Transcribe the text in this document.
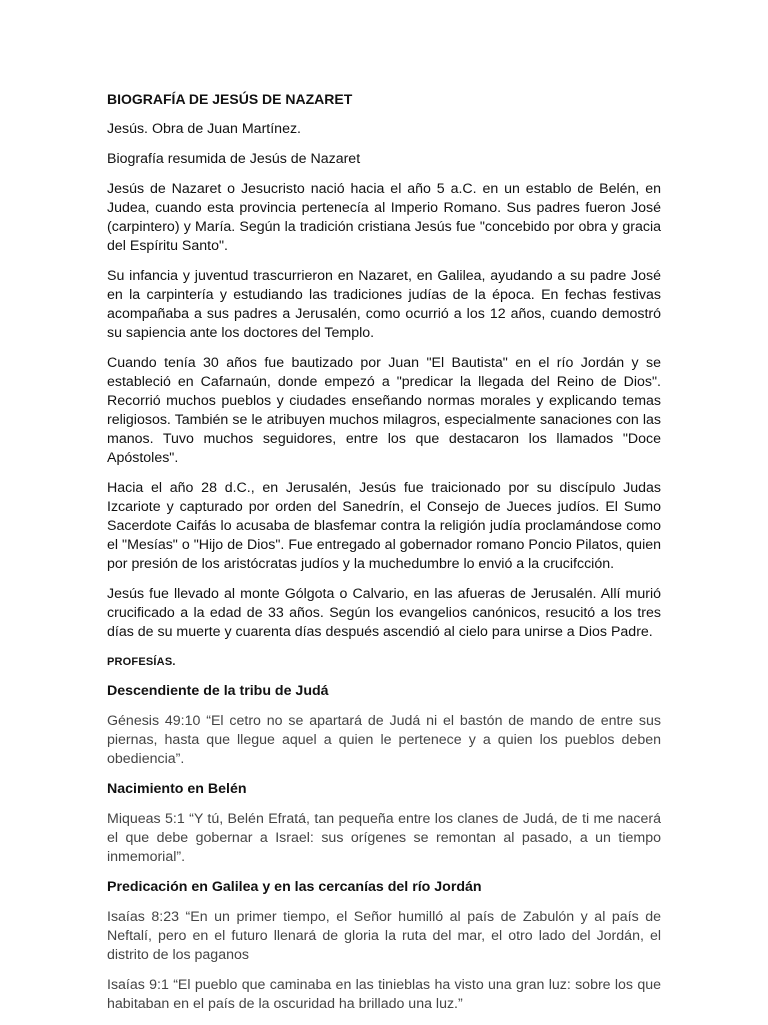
BIOGRAFÍA DE JESÚS DE NAZARET

Jesús. Obra de Juan Martínez.

Biografía resumida de Jesús de Nazaret

Jesús de Nazaret o Jesucristo nació hacia el año 5 a.C. en un establo de Belén, en Judea, cuando esta provincia pertenecía al Imperio Romano. Sus padres fueron José (carpintero) y María. Según la tradición cristiana Jesús fue "concebido por obra y gracia del Espíritu Santo".

Su infancia y juventud trascurrieron en Nazaret, en Galilea, ayudando a su padre José en la carpintería y estudiando las tradiciones judías de la época. En fechas festivas acompañaba a sus padres a Jerusalén, como ocurrió a los 12 años, cuando demostró su sapiencia ante los doctores del Templo.

Cuando tenía 30 años fue bautizado por Juan "El Bautista" en el río Jordán y se estableció en Cafarnaún, donde empezó a "predicar la llegada del Reino de Dios". Recorrió muchos pueblos y ciudades enseñando normas morales y explicando temas religiosos. También se le atribuyen muchos milagros, especialmente sanaciones con las manos. Tuvo muchos seguidores, entre los que destacaron los llamados "Doce Apóstoles".

Hacia el año 28 d.C., en Jerusalén, Jesús fue traicionado por su discípulo Judas Izcariote y capturado por orden del Sanedrín, el Consejo de Jueces judíos. El Sumo Sacerdote Caifás lo acusaba de blasfemar contra la religión judía proclamándose como el "Mesías" o "Hijo de Dios". Fue entregado al gobernador romano Poncio Pilatos, quien por presión de los aristócratas judíos y la muchedumbre lo envió a la crucifcción.

Jesús fue llevado al monte Gólgota o Calvario, en las afueras de Jerusalén. Allí murió crucificado a la edad de 33 años. Según los evangelios canónicos, resucitó a los tres días de su muerte y cuarenta días después ascendió al cielo para unirse a Dios Padre.

PROFESÍAS.
Descendiente de la tribu de Judá

Génesis 49:10 “El cetro no se apartará de Judá ni el bastón de mando de entre sus piernas, hasta que llegue aquel a quien le pertenece y a quien los pueblos deben obediencia”.

Nacimiento en Belén

Miqueas 5:1 “Y tú, Belén Efratá, tan pequeña entre los clanes de Judá, de ti me nacerá el que debe gobernar a Israel: sus orígenes se remontan al pasado, a un tiempo inmemorial”.

Predicación en Galilea y en las cercanías del río Jordán

Isaías 8:23 “En un primer tiempo, el Señor humilló al país de Zabulón y al país de Neftalí, pero en el futuro llenará de gloria la ruta del mar, el otro lado del Jordán, el distrito de los paganos

Isaías 9:1 “El pueblo que caminaba en las tinieblas ha visto una gran luz: sobre los que habitaban en el país de la oscuridad ha brillado una luz.”
